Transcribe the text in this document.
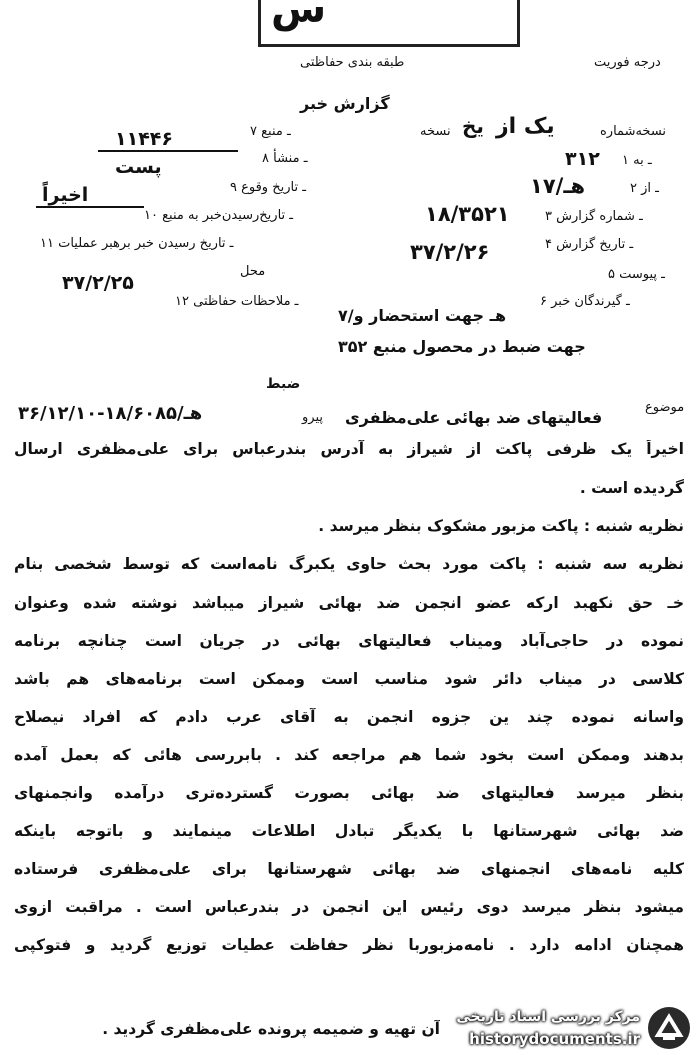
س
طبقه بندی حفاظتی	درجه فوریت
گزارش خبر
نسخه‌شماره
یک از
یخ
نسخه
۱ ـ به
۳۱۲
۲ ـ از
۱۷/هـ
۳ ـ شماره گزارش
۱۸/۳۵۲۱
۴ ـ تاریخ گزارش
۳۷/۲/۲۶
۵ ـ پیوست
۶ ـ گیرندگان خبر
۷/هـ جهت استحضار و
۳۵۲ جهت ضبط در محصول منبع
۷ ـ منبع
۱۱۴۴۶
۸ ـ منشأ
پست
۹ ـ تاریخ وقوع
اخیراً
۱۰ ـ تاریخ‌رسیدن‌خبر به منبع
۱۱ ـ تاریخ رسیدن خبر برهبر عملیات
محل
۳۷/۲/۲۵
۱۲ ـ ملاحظات حفاظتی
ضبط
موضوع
فعالیتهای ضد بهائی علی‌مظفری
پیرو
۳۶/۱۲/۱۰-۱۸/هـ/۶۰۸۵
اخیراً یک ظرفی پاکت از شیراز به آدرس بندرعباس برای علی‌مظفری ارسال
گردیده است .
نظریه شنبه : پاکت مزبور مشکوک بنظر میرسد .
نظریه سه شنبه : پاکت مورد بحث حاوی یکبرگ نامه‌است که توسط شخصی بنام
خـ حق نکهبد ارکه عضو انجمن ضد بهائی شیراز میباشد نوشته شده وعنوان
نموده در حاجی‌آباد ومیناب فعالیتهای بهائی در جریان است چنانچه برنامه
کلاسی در میناب دائر شود مناسب است وممکن است برنامه‌های هم باشد
واسانه نموده چند ین جزوه انجمن به آقای عرب دادم که افراد نیصلاح
بدهند وممکن است بخود شما هم مراجعه کند . بابررسی هائی که بعمل آمده
بنظر میرسد فعالیتهای ضد بهائی بصورت گسترده‌تری درآمده وانجمنهای
ضد بهائی شهرستانها با یکدیگر تبادل اطلاعات مینمایند و باتوجه باینکه
کلیه نامه‌های انجمنهای ضد بهائی شهرستانها برای علی‌مظفری فرستاده
میشود بنظر میرسد دوی رئیس این انجمن در بندرعباس است . مراقبت ازوی
همچنان ادامه دارد . نامه‌مزبوربا نظر حفاظت عطیات توزیع گردید و فتوکپی
آن تهیه و ضمیمه پرونده علی‌مظفری گردید .
مرکز بررسی اسناد تاریخی
historydocuments.ir
